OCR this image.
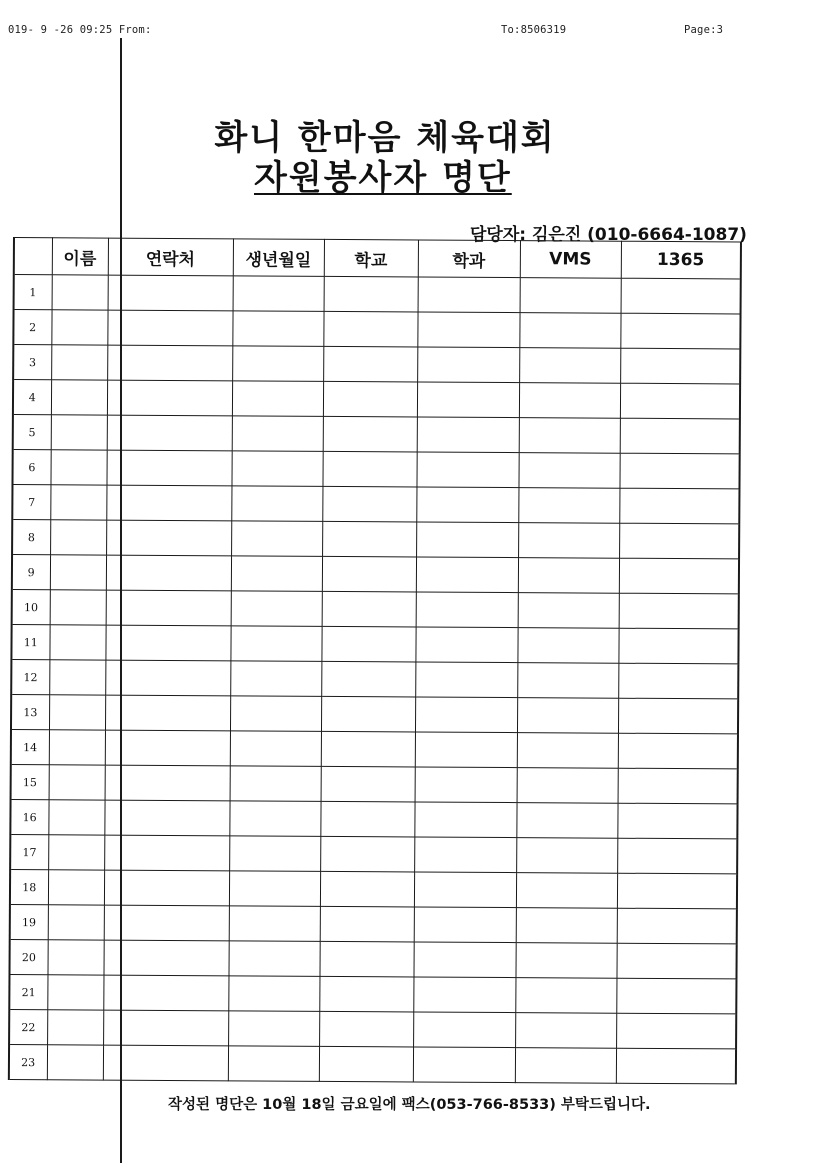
019- 9 -26 09:25 From:	To:8506319	Page:3
화니 한마음 체육대회
자원봉사자 명단
담당자: 김은진 (010-6664-1087)
	이름	연락처	생년월일	학교	학과	VMS	1365
1							
2							
3							
4							
5							
6							
7							
8							
9							
10							
11							
12							
13							
14							
15							
16							
17							
18							
19							
20							
21							
22							
23							
작성된 명단은 10월 18일 금요일에 팩스(053-766-8533) 부탁드립니다.
